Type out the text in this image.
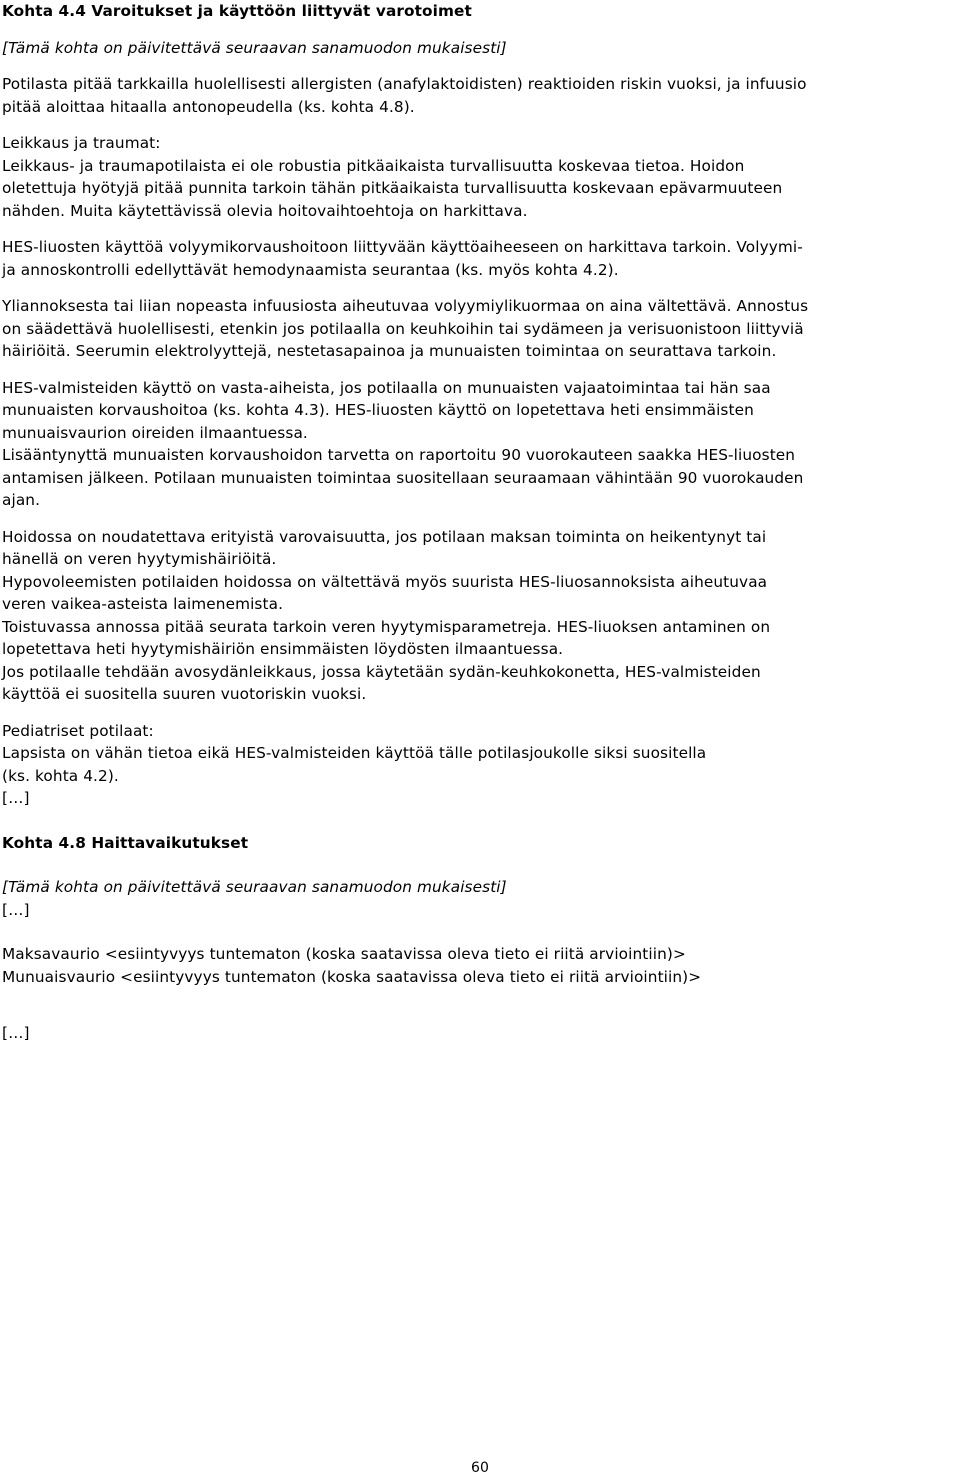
Kohta 4.4 Varoitukset ja käyttöön liittyvät varotoimet
[Tämä kohta on päivitettävä seuraavan sanamuodon mukaisesti]

Potilasta pitää tarkkailla huolellisesti allergisten (anafylaktoidisten) reaktioiden riskin vuoksi, ja infuusio

pitää aloittaa hitaalla antonopeudella (ks. kohta 4.8).

Leikkaus ja traumat:

Leikkaus- ja traumapotilaista ei ole robustia pitkäaikaista turvallisuutta koskevaa tietoa. Hoidon

oletettuja hyötyjä pitää punnita tarkoin tähän pitkäaikaista turvallisuutta koskevaan epävarmuuteen

nähden. Muita käytettävissä olevia hoitovaihtoehtoja on harkittava.

HES-liuosten käyttöä volyymikorvaushoitoon liittyvään käyttöaiheeseen on harkittava tarkoin. Volyymi-

ja annoskontrolli edellyttävät hemodynaamista seurantaa (ks. myös kohta 4.2).

Yliannoksesta tai liian nopeasta infuusiosta aiheutuvaa volyymiylikuormaa on aina vältettävä. Annostus

on säädettävä huolellisesti, etenkin jos potilaalla on keuhkoihin tai sydämeen ja verisuonistoon liittyviä

häiriöitä. Seerumin elektrolyyttejä, nestetasapainoa ja munuaisten toimintaa on seurattava tarkoin.

HES-valmisteiden käyttö on vasta-aiheista, jos potilaalla on munuaisten vajaatoimintaa tai hän saa

munuaisten korvaushoitoa (ks. kohta 4.3). HES-liuosten käyttö on lopetettava heti ensimmäisten

munuaisvaurion oireiden ilmaantuessa.

Lisääntynyttä munuaisten korvaushoidon tarvetta on raportoitu 90 vuorokauteen saakka HES-liuosten

antamisen jälkeen. Potilaan munuaisten toimintaa suositellaan seuraamaan vähintään 90 vuorokauden

ajan.

Hoidossa on noudatettava erityistä varovaisuutta, jos potilaan maksan toiminta on heikentynyt tai

hänellä on veren hyytymishäiriöitä.

Hypovoleemisten potilaiden hoidossa on vältettävä myös suurista HES-liuosannoksista aiheutuvaa

veren vaikea-asteista laimenemista.

Toistuvassa annossa pitää seurata tarkoin veren hyytymisparametreja. HES-liuoksen antaminen on

lopetettava heti hyytymishäiriön ensimmäisten löydösten ilmaantuessa.

Jos potilaalle tehdään avosydänleikkaus, jossa käytetään sydän-keuhkokonetta, HES-valmisteiden

käyttöä ei suositella suuren vuotoriskin vuoksi.

Pediatriset potilaat:

Lapsista on vähän tietoa eikä HES-valmisteiden käyttöä tälle potilasjoukolle siksi suositella

(ks. kohta 4.2).

[…]
Kohta 4.8 Haittavaikutukset
[Tämä kohta on päivitettävä seuraavan sanamuodon mukaisesti]
[…]

Maksavaurio <esiintyvyys tuntematon (koska saatavissa oleva tieto ei riitä arviointiin)>

Munuaisvaurio <esiintyvyys tuntematon (koska saatavissa oleva tieto ei riitä arviointiin)>

[…]
60
